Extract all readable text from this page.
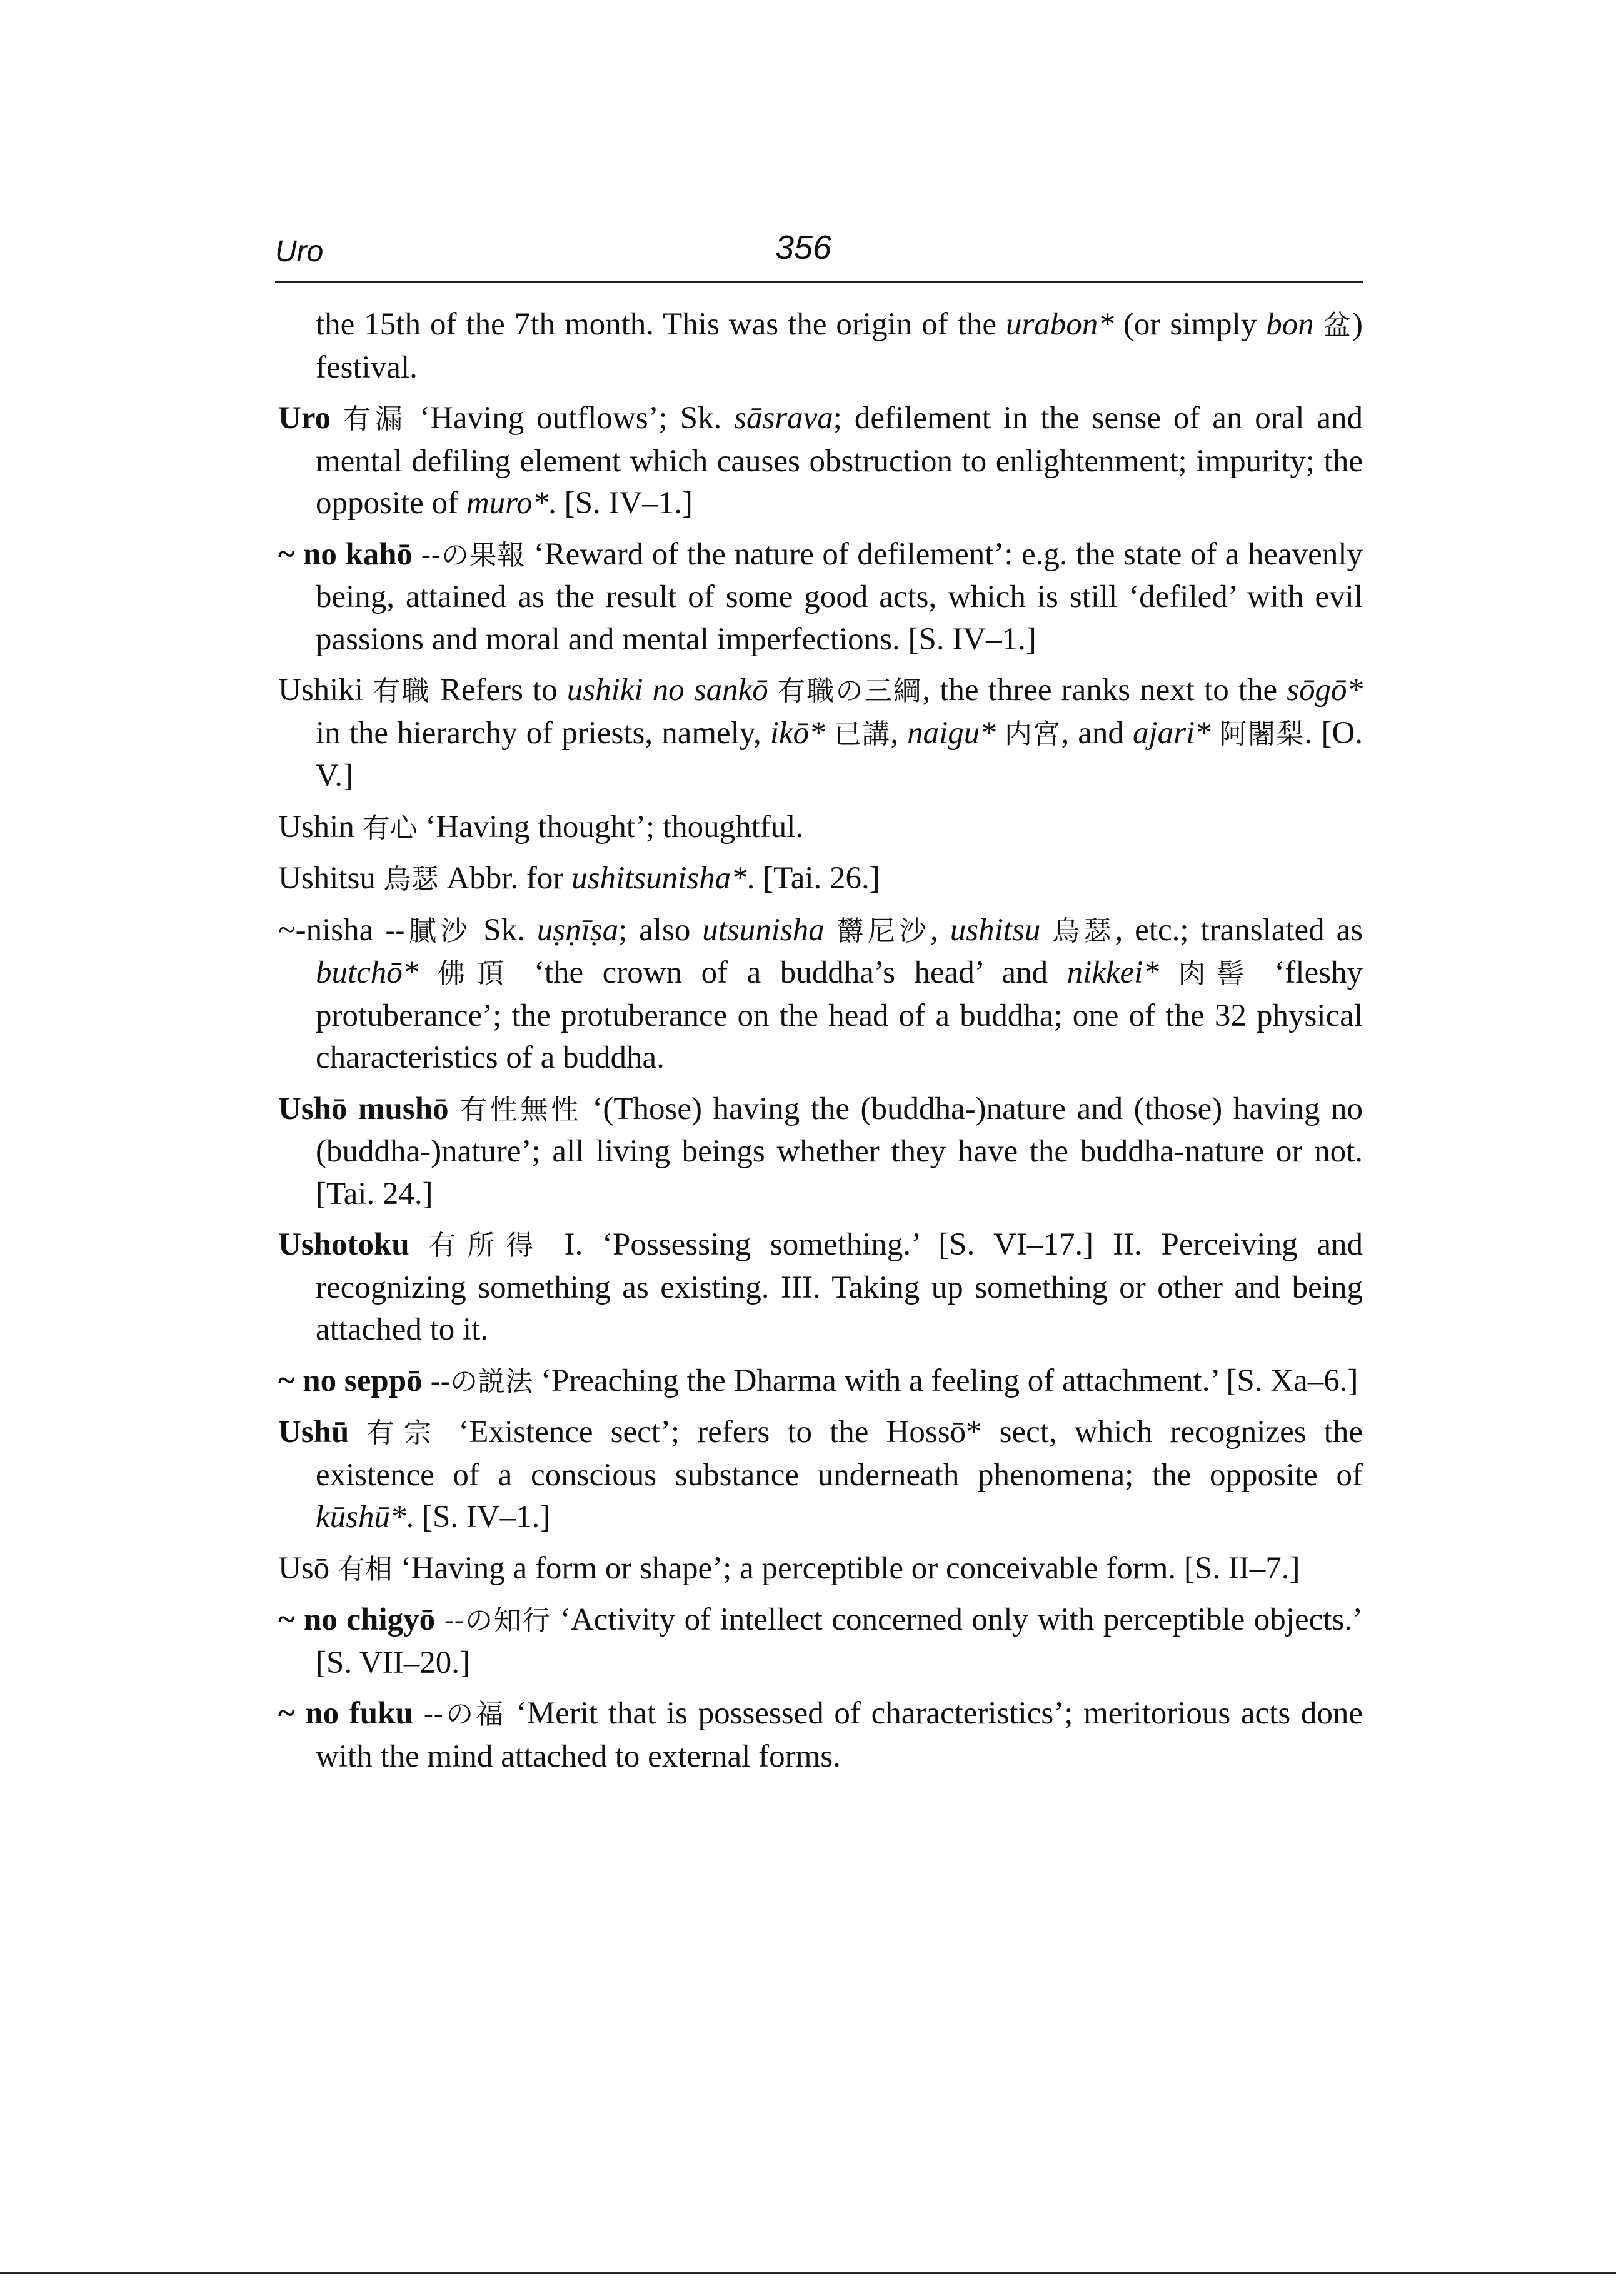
Uro	356

the 15th of the 7th month. This was the origin of the urabon* (or simply bon 盆) festival.

Uro 有漏 ‘Having outflows’; Sk. sāsrava; defilement in the sense of an oral and mental defiling element which causes obstruction to enlightenment; impurity; the opposite of muro*. [S. IV–1.]

~ no kahō --の果報 ‘Reward of the nature of defilement’: e.g. the state of a heavenly being, attained as the result of some good acts, which is still ‘defiled’ with evil passions and moral and mental imperfections. [S. IV–1.]

Ushiki 有職 Refers to ushiki no sankō 有職の三綱, the three ranks next to the sōgō* in the hierarchy of priests, namely, ikō* 已講, naigu* 内宮, and ajari* 阿闍梨. [O. V.]

Ushin 有心 ‘Having thought’; thoughtful.

Ushitsu 烏瑟 Abbr. for ushitsunisha*. [Tai. 26.]

~-nisha --膩沙 Sk. uṣṇīṣa; also utsunisha 欝尼沙, ushitsu 烏瑟, etc.; translated as butchō* 佛頂 ‘the crown of a buddha’s head’ and nikkei* 肉髻 ‘fleshy protuberance’; the protuberance on the head of a buddha; one of the 32 physical characteristics of a buddha.

Ushō mushō 有性無性 ‘(Those) having the (buddha-)nature and (those) having no (buddha-)nature’; all living beings whether they have the buddha-nature or not. [Tai. 24.]

Ushotoku 有所得 I. ‘Possessing something.’ [S. VI–17.] II. Perceiving and recognizing something as existing. III. Taking up something or other and being attached to it.

~ no seppō --の説法 ‘Preaching the Dharma with a feeling of attachment.’ [S. Xa–6.]

Ushū 有宗 ‘Existence sect’; refers to the Hossō* sect, which recognizes the existence of a conscious substance underneath phenomena; the opposite of kūshū*. [S. IV–1.]

Usō 有相 ‘Having a form or shape’; a perceptible or conceivable form. [S. II–7.]

~ no chigyō --の知行 ‘Activity of intellect concerned only with perceptible objects.’ [S. VII–20.]

~ no fuku --の福 ‘Merit that is possessed of characteristics’; meritorious acts done with the mind attached to external forms.
